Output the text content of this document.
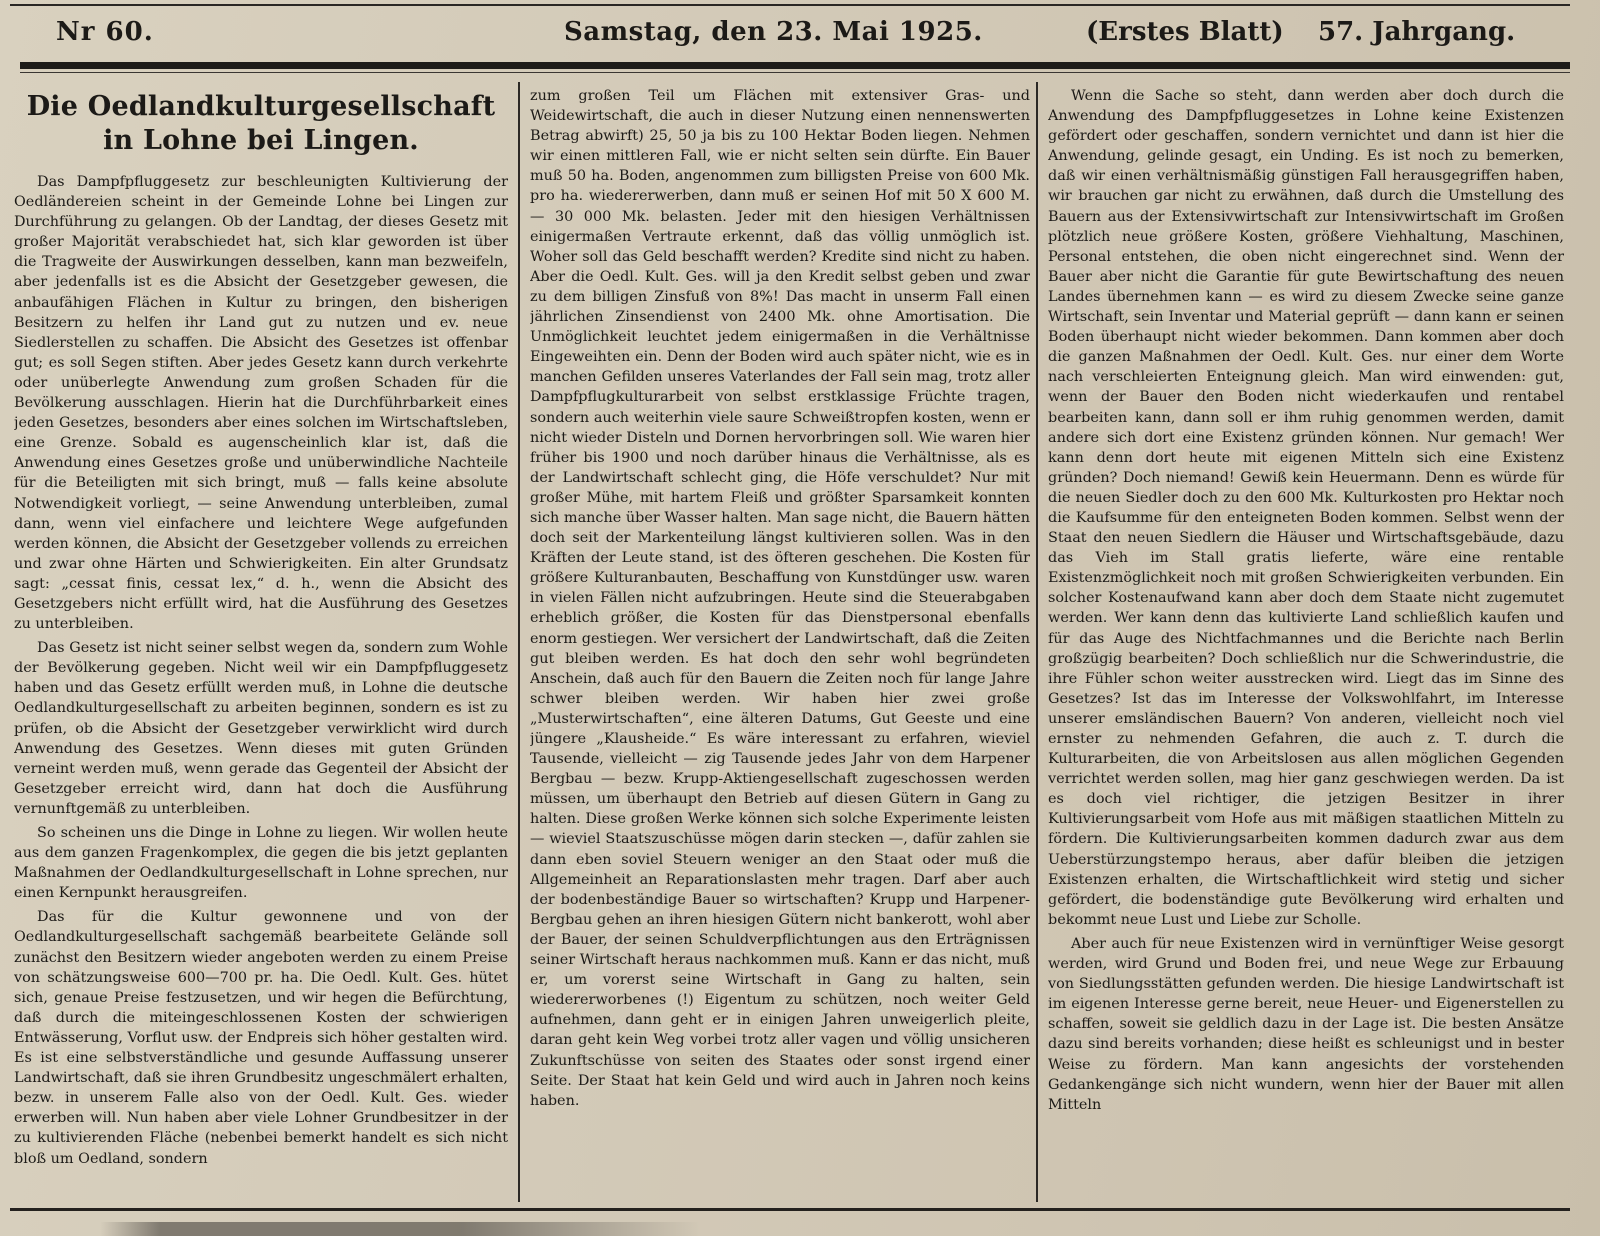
Nr 60.	Samstag, den 23. Mai 1925.	(Erstes Blatt) 57. Jahrgang.
Die Oedlandkulturgesellschaft in Lohne bei Lingen.

Das Dampfpfluggesetz zur beschleunigten Kultivierung der Oedländereien scheint in der Gemeinde Lohne bei Lingen zur Durchführung zu gelangen. Ob der Landtag, der dieses Gesetz mit großer Majorität verabschiedet hat, sich klar geworden ist über die Tragweite der Auswirkungen desselben, kann man bezweifeln, aber jedenfalls ist es die Absicht der Gesetzgeber gewesen, die anbaufähigen Flächen in Kultur zu bringen, den bisherigen Besitzern zu helfen ihr Land gut zu nutzen und ev. neue Siedlerstellen zu schaffen. Die Absicht des Gesetzes ist offenbar gut; es soll Segen stiften. Aber jedes Gesetz kann durch verkehrte oder unüberlegte Anwendung zum großen Schaden für die Bevölkerung ausschlagen. Hierin hat die Durchführbarkeit eines jeden Gesetzes, besonders aber eines solchen im Wirtschaftsleben, eine Grenze. Sobald es augenscheinlich klar ist, daß die Anwendung eines Gesetzes große und unüberwindliche Nachteile für die Beteiligten mit sich bringt, muß — falls keine absolute Notwendigkeit vorliegt, — seine Anwendung unterbleiben, zumal dann, wenn viel einfachere und leichtere Wege aufgefunden werden können, die Absicht der Gesetzgeber vollends zu erreichen und zwar ohne Härten und Schwierigkeiten. Ein alter Grundsatz sagt: „cessat finis, cessat lex,“ d. h., wenn die Absicht des Gesetzgebers nicht erfüllt wird, hat die Ausführung des Gesetzes zu unterbleiben.

Das Gesetz ist nicht seiner selbst wegen da, sondern zum Wohle der Bevölkerung gegeben. Nicht weil wir ein Dampfpfluggesetz haben und das Gesetz erfüllt werden muß, in Lohne die deutsche Oedlandkulturgesellschaft zu arbeiten beginnen, sondern es ist zu prüfen, ob die Absicht der Gesetzgeber verwirklicht wird durch Anwendung des Gesetzes. Wenn dieses mit guten Gründen verneint werden muß, wenn gerade das Gegenteil der Absicht der Gesetzgeber erreicht wird, dann hat doch die Ausführung vernunftgemäß zu unterbleiben.

So scheinen uns die Dinge in Lohne zu liegen. Wir wollen heute aus dem ganzen Fragenkomplex, die gegen die bis jetzt geplanten Maßnahmen der Oedlandkulturgesellschaft in Lohne sprechen, nur einen Kernpunkt herausgreifen.

Das für die Kultur gewonnene und von der Oedlandkulturgesellschaft sachgemäß bearbeitete Gelände soll zunächst den Besitzern wieder angeboten werden zu einem Preise von schätzungsweise 600—700 pr. ha. Die Oedl. Kult. Ges. hütet sich, genaue Preise festzusetzen, und wir hegen die Befürchtung, daß durch die miteingeschlossenen Kosten der schwierigen Entwässerung, Vorflut usw. der Endpreis sich höher gestalten wird. Es ist eine selbstverständliche und gesunde Auffassung unserer Landwirtschaft, daß sie ihren Grundbesitz ungeschmälert erhalten, bezw. in unserem Falle also von der Oedl. Kult. Ges. wieder erwerben will. Nun haben aber viele Lohner Grundbesitzer in der zu kultivierenden Fläche (nebenbei bemerkt handelt es sich nicht bloß um Oedland, sondern

zum großen Teil um Flächen mit extensiver Gras- und Weidewirtschaft, die auch in dieser Nutzung einen nennenswerten Betrag abwirft) 25, 50 ja bis zu 100 Hektar Boden liegen. Nehmen wir einen mittleren Fall, wie er nicht selten sein dürfte. Ein Bauer muß 50 ha. Boden, angenommen zum billigsten Preise von 600 Mk. pro ha. wiedererwerben, dann muß er seinen Hof mit 50 X 600 M. — 30 000 Mk. belasten. Jeder mit den hiesigen Verhältnissen einigermaßen Vertraute erkennt, daß das völlig unmöglich ist. Woher soll das Geld beschafft werden? Kredite sind nicht zu haben. Aber die Oedl. Kult. Ges. will ja den Kredit selbst geben und zwar zu dem billigen Zinsfuß von 8%! Das macht in unserm Fall einen jährlichen Zinsendienst von 2400 Mk. ohne Amortisation. Die Unmöglichkeit leuchtet jedem einigermaßen in die Verhältnisse Eingeweihten ein. Denn der Boden wird auch später nicht, wie es in manchen Gefilden unseres Vaterlandes der Fall sein mag, trotz aller Dampfpflugkulturarbeit von selbst erstklassige Früchte tragen, sondern auch weiterhin viele saure Schweißtropfen kosten, wenn er nicht wieder Disteln und Dornen hervorbringen soll. Wie waren hier früher bis 1900 und noch darüber hinaus die Verhältnisse, als es der Landwirtschaft schlecht ging, die Höfe verschuldet? Nur mit großer Mühe, mit hartem Fleiß und größter Sparsamkeit konnten sich manche über Wasser halten. Man sage nicht, die Bauern hätten doch seit der Markenteilung längst kultivieren sollen. Was in den Kräften der Leute stand, ist des öfteren geschehen. Die Kosten für größere Kulturanbauten, Beschaffung von Kunstdünger usw. waren in vielen Fällen nicht aufzubringen. Heute sind die Steuerabgaben erheblich größer, die Kosten für das Dienstpersonal ebenfalls enorm gestiegen. Wer versichert der Landwirtschaft, daß die Zeiten gut bleiben werden. Es hat doch den sehr wohl begründeten Anschein, daß auch für den Bauern die Zeiten noch für lange Jahre schwer bleiben werden. Wir haben hier zwei große „Musterwirtschaften“, eine älteren Datums, Gut Geeste und eine jüngere „Klausheide.“ Es wäre interessant zu erfahren, wieviel Tausende, vielleicht — zig Tausende jedes Jahr von dem Harpener Bergbau — bezw. Krupp-Aktiengesellschaft zugeschossen werden müssen, um überhaupt den Betrieb auf diesen Gütern in Gang zu halten. Diese großen Werke können sich solche Experimente leisten — wieviel Staatszuschüsse mögen darin stecken —, dafür zahlen sie dann eben soviel Steuern weniger an den Staat oder muß die Allgemeinheit an Reparationslasten mehr tragen. Darf aber auch der bodenbeständige Bauer so wirtschaften? Krupp und Harpener-Bergbau gehen an ihren hiesigen Gütern nicht bankerott, wohl aber der Bauer, der seinen Schuldverpflichtungen aus den Erträgnissen seiner Wirtschaft heraus nachkommen muß. Kann er das nicht, muß er, um vorerst seine Wirtschaft in Gang zu halten, sein wiedererworbenes (!) Eigentum zu schützen, noch weiter Geld aufnehmen, dann geht er in einigen Jahren unweigerlich pleite, daran geht kein Weg vorbei trotz aller vagen und völlig unsicheren Zukunftschüsse von seiten des Staates oder sonst irgend einer Seite. Der Staat hat kein Geld und wird auch in Jahren noch keins haben.

Wenn die Sache so steht, dann werden aber doch durch die Anwendung des Dampfpfluggesetzes in Lohne keine Existenzen gefördert oder geschaffen, sondern vernichtet und dann ist hier die Anwendung, gelinde gesagt, ein Unding. Es ist noch zu bemerken, daß wir einen verhältnismäßig günstigen Fall herausgegriffen haben, wir brauchen gar nicht zu erwähnen, daß durch die Umstellung des Bauern aus der Extensivwirtschaft zur Intensivwirtschaft im Großen plötzlich neue größere Kosten, größere Viehhaltung, Maschinen, Personal entstehen, die oben nicht eingerechnet sind. Wenn der Bauer aber nicht die Garantie für gute Bewirtschaftung des neuen Landes übernehmen kann — es wird zu diesem Zwecke seine ganze Wirtschaft, sein Inventar und Material geprüft — dann kann er seinen Boden überhaupt nicht wieder bekommen. Dann kommen aber doch die ganzen Maßnahmen der Oedl. Kult. Ges. nur einer dem Worte nach verschleierten Enteignung gleich. Man wird einwenden: gut, wenn der Bauer den Boden nicht wiederkaufen und rentabel bearbeiten kann, dann soll er ihm ruhig genommen werden, damit andere sich dort eine Existenz gründen können. Nur gemach! Wer kann denn dort heute mit eigenen Mitteln sich eine Existenz gründen? Doch niemand! Gewiß kein Heuermann. Denn es würde für die neuen Siedler doch zu den 600 Mk. Kulturkosten pro Hektar noch die Kaufsumme für den enteigneten Boden kommen. Selbst wenn der Staat den neuen Siedlern die Häuser und Wirtschaftsgebäude, dazu das Vieh im Stall gratis lieferte, wäre eine rentable Existenzmöglichkeit noch mit großen Schwierigkeiten verbunden. Ein solcher Kostenaufwand kann aber doch dem Staate nicht zugemutet werden. Wer kann denn das kultivierte Land schließlich kaufen und für das Auge des Nichtfachmannes und die Berichte nach Berlin großzügig bearbeiten? Doch schließlich nur die Schwerindustrie, die ihre Fühler schon weiter ausstrecken wird. Liegt das im Sinne des Gesetzes? Ist das im Interesse der Volkswohlfahrt, im Interesse unserer emsländischen Bauern? Von anderen, vielleicht noch viel ernster zu nehmenden Gefahren, die auch z. T. durch die Kulturarbeiten, die von Arbeitslosen aus allen möglichen Gegenden verrichtet werden sollen, mag hier ganz geschwiegen werden. Da ist es doch viel richtiger, die jetzigen Besitzer in ihrer Kultivierungsarbeit vom Hofe aus mit mäßigen staatlichen Mitteln zu fördern. Die Kultivierungsarbeiten kommen dadurch zwar aus dem Ueberstürzungstempo heraus, aber dafür bleiben die jetzigen Existenzen erhalten, die Wirtschaftlichkeit wird stetig und sicher gefördert, die bodenständige gute Bevölkerung wird erhalten und bekommt neue Lust und Liebe zur Scholle.

Aber auch für neue Existenzen wird in vernünftiger Weise gesorgt werden, wird Grund und Boden frei, und neue Wege zur Erbauung von Siedlungsstätten gefunden werden. Die hiesige Landwirtschaft ist im eigenen Interesse gerne bereit, neue Heuer- und Eigenerstellen zu schaffen, soweit sie geldlich dazu in der Lage ist. Die besten Ansätze dazu sind bereits vorhanden; diese heißt es schleunigst und in bester Weise zu fördern. Man kann angesichts der vorstehenden Gedankengänge sich nicht wundern, wenn hier der Bauer mit allen Mitteln
